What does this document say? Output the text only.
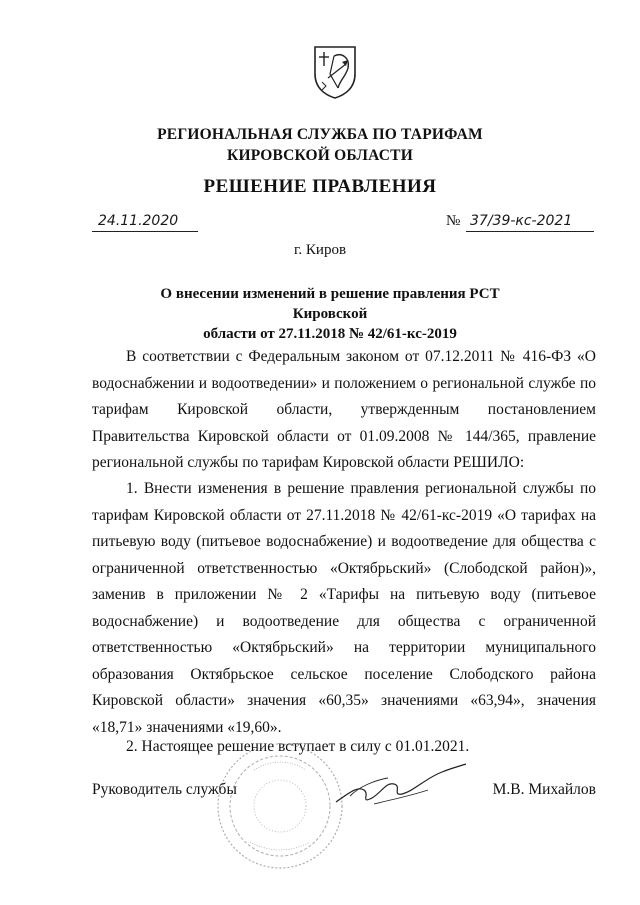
РЕГИОНАЛЬНАЯ СЛУЖБА ПО ТАРИФАМ
КИРОВСКОЙ ОБЛАСТИ
РЕШЕНИЕ ПРАВЛЕНИЯ
24.11.2020	№ 37/39-кс-2021
г. Киров
О внесении изменений в решение правления РСТ Кировской
области от 27.11.2018 № 42/61-кс-2019
В соответствии с Федеральным законом от 07.12.2011 № 416-ФЗ «О водоснабжении и водоотведении» и положением о региональной службе по тарифам Кировской области, утвержденным постановлением Правительства Кировской области от 01.09.2008 № 144/365, правление региональной службы по тарифам Кировской области РЕШИЛО:
1. Внести изменения в решение правления региональной службы по тарифам Кировской области от 27.11.2018 № 42/61-кс-2019 «О тарифах на питьевую воду (питьевое водоснабжение) и водоотведение для общества с ограниченной ответственностью «Октябрьский» (Слободской район)», заменив в приложении № 2 «Тарифы на питьевую воду (питьевое водоснабжение) и водоотведение для общества с ограниченной ответственностью «Октябрьский» на территории муниципального образования Октябрьское сельское поселение Слободского района Кировской области» значения «60,35» значениями «63,94», значения «18,71» значениями «19,60».
2. Настоящее решение вступает в силу с 01.01.2021.
Руководитель службы	М.В. Михайлов
